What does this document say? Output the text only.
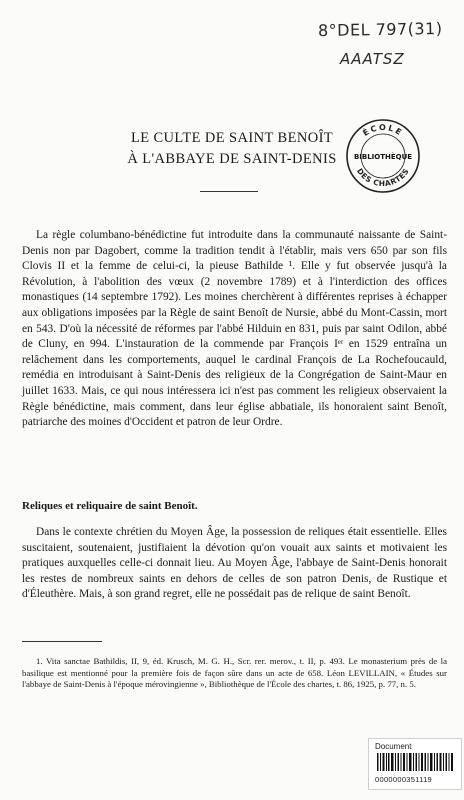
8°DEL 797(31)
AAATSZ
ÉCOLE
BIBLIOTHÈQUE
DES CHARTES
LE CULTE DE SAINT BENOÎT
À L'ABBAYE DE SAINT-DENIS

La règle columbano-bénédictine fut introduite dans la communauté naissante de Saint-Denis non par Dagobert, comme la tradition tendit à l'établir, mais vers 650 par son fils Clovis II et la femme de celui-ci, la pieuse Bathilde ¹. Elle y fut observée jusqu'à la Révolution, à l'abolition des vœux (2 novembre 1789) et à l'interdiction des offices monastiques (14 septembre 1792). Les moines cherchèrent à différentes reprises à échapper aux obligations imposées par la Règle de saint Benoît de Nursie, abbé du Mont-Cassin, mort en 543. D'où la nécessité de réformes par l'abbé Hilduin en 831, puis par saint Odilon, abbé de Cluny, en 994. L'instauration de la commende par François Iᵉʳ en 1529 entraîna un relâchement dans les comportements, auquel le cardinal François de La Rochefoucauld, remédia en introduisant à Saint-Denis des religieux de la Congrégation de Saint-Maur en juillet 1633. Mais, ce qui nous intéressera ici n'est pas comment les religieux observaient la Règle bénédictine, mais comment, dans leur église abbatiale, ils honoraient saint Benoît, patriarche des moines d'Occident et patron de leur Ordre.

Reliques et reliquaire de saint Benoît.

Dans le contexte chrétien du Moyen Âge, la possession de reliques était essentielle. Elles suscitaient, soutenaient, justifiaient la dévotion qu'on vouait aux saints et motivaient les pratiques auxquelles celle-ci donnait lieu. Au Moyen Âge, l'abbaye de Saint-Denis honorait les restes de nombreux saints en dehors de celles de son patron Denis, de Rustique et d'Éleuthère. Mais, à son grand regret, elle ne possédait pas de relique de saint Benoît.

1. Vita sanctae Bathildis, II, 9, éd. Krusch, M. G. H., Scr. rer. merov., t. II, p. 493. Le monasterium près de la basilique est mentionné pour la première fois de façon sûre dans un acte de 658. Léon LEVILLAIN, « Études sur l'abbaye de Saint-Denis à l'époque mérovingienne », Bibliothèque de l'École des chartes, t. 86, 1925, p. 77, n. 5.

Document
0000000351119
